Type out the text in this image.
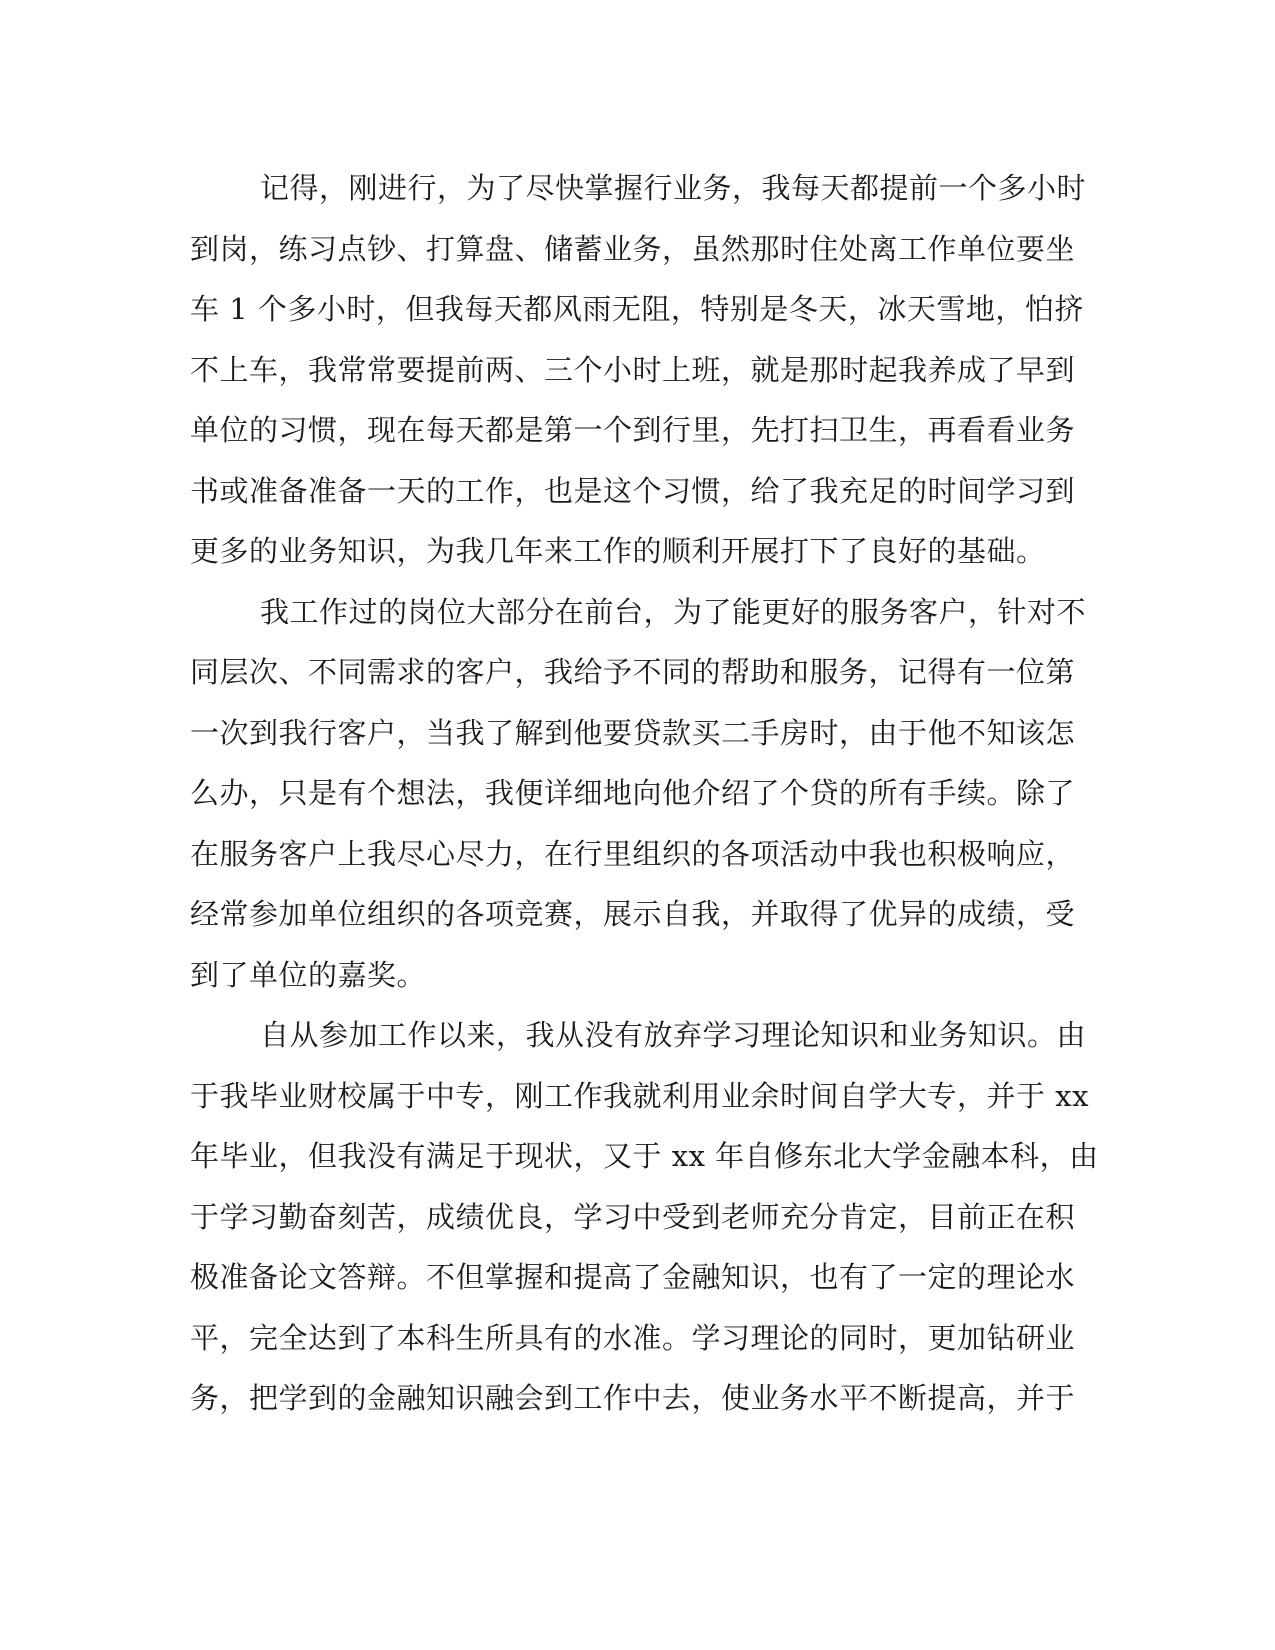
记得，刚进行，为了尽快掌握行业务，我每天都提前一个多小时
到岗，练习点钞、打算盘、储蓄业务，虽然那时住处离工作单位要坐
车 1 个多小时，但我每天都风雨无阻，特别是冬天，冰天雪地，怕挤
不上车，我常常要提前两、三个小时上班，就是那时起我养成了早到
单位的习惯，现在每天都是第一个到行里，先打扫卫生，再看看业务
书或准备准备一天的工作，也是这个习惯，给了我充足的时间学习到
更多的业务知识，为我几年来工作的顺利开展打下了良好的基础。
我工作过的岗位大部分在前台，为了能更好的服务客户，针对不
同层次、不同需求的客户，我给予不同的帮助和服务，记得有一位第
一次到我行客户，当我了解到他要贷款买二手房时，由于他不知该怎
么办，只是有个想法，我便详细地向他介绍了个贷的所有手续。除了
在服务客户上我尽心尽力，在行里组织的各项活动中我也积极响应，
经常参加单位组织的各项竞赛，展示自我，并取得了优异的成绩，受
到了单位的嘉奖。
自从参加工作以来，我从没有放弃学习理论知识和业务知识。由
于我毕业财校属于中专，刚工作我就利用业余时间自学大专，并于 xx
年毕业，但我没有满足于现状，又于 xx 年自修东北大学金融本科，由
于学习勤奋刻苦，成绩优良，学习中受到老师充分肯定，目前正在积
极准备论文答辩。不但掌握和提高了金融知识，也有了一定的理论水
平，完全达到了本科生所具有的水准。学习理论的同时，更加钻研业
务，把学到的金融知识融会到工作中去，使业务水平不断提高，并于
